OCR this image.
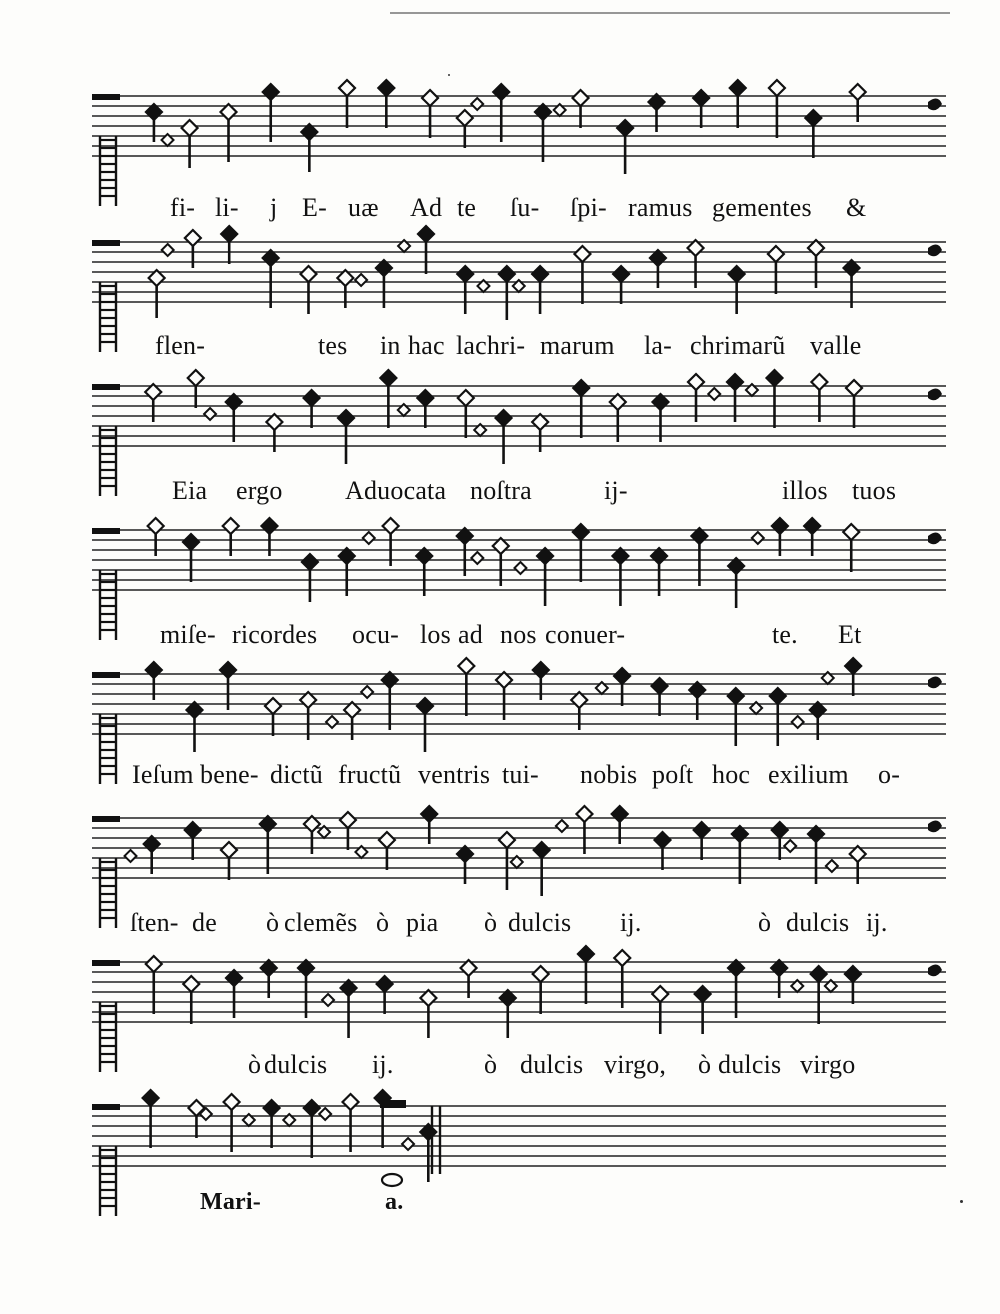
fi- li- j E- uæ Ad te ſu- ſpi- ramus gementes &
flen-	tes in hac lachri- marum la- chrimarũ valle
Eia ergo Aduocata noſtra	ij-	illos tuos
miſe- ricordes ocu- los ad nos conuer-	te. Et
Ieſum bene- dictũ fructũ ventris tui- nobis poſt hoc exilium o-
ſten- de ò clemẽs ò pia ò dulcis ij.	ò dulcis ij.
ò dulcis ij.	ò dulcis virgo, ò dulcis virgo
Mari-	a.
